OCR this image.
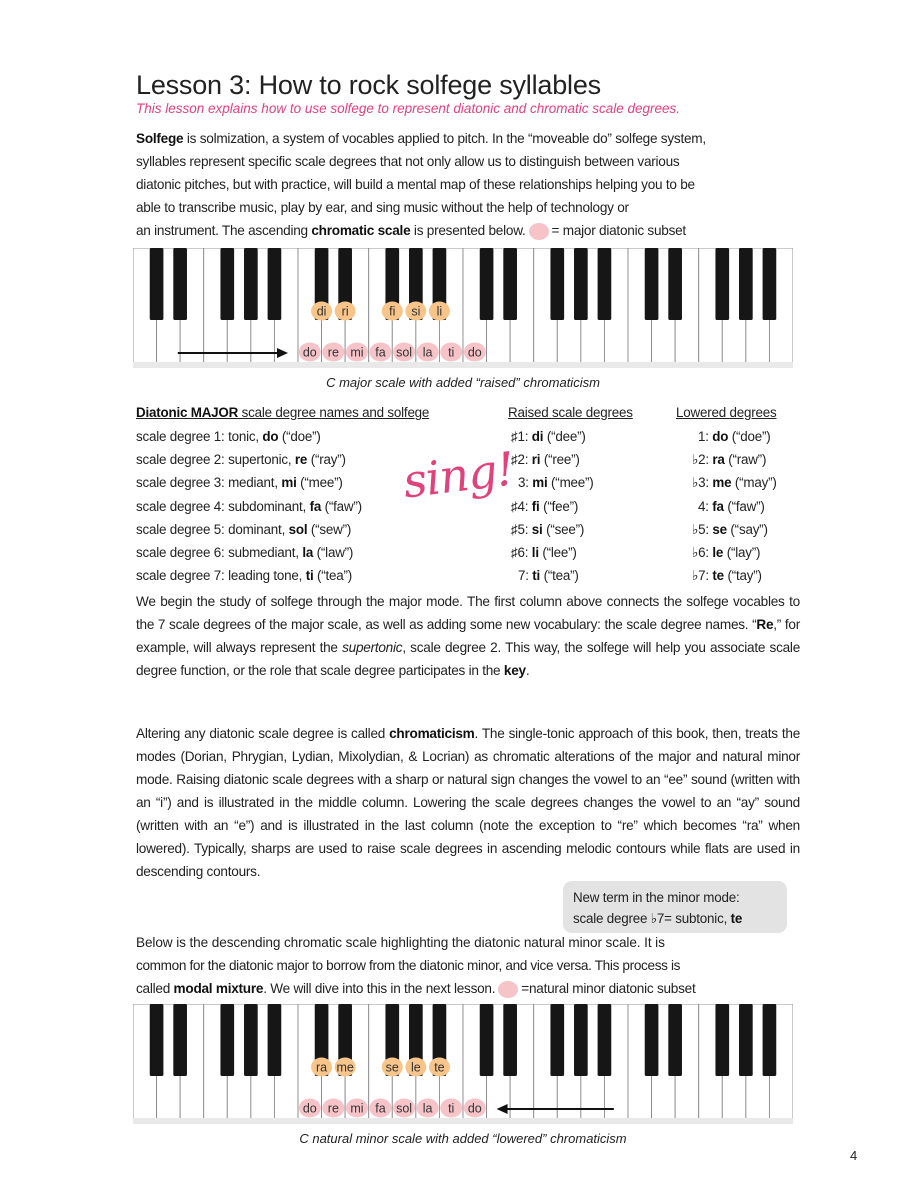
Lesson 3: How to rock solfege syllables
This lesson explains how to use solfege to represent diatonic and chromatic scale degrees.
Solfege is solmization, a system of vocables applied to pitch. In the “moveable do” solfege system,
syllables represent specific scale degrees that not only allow us to distinguish between various
diatonic pitches, but with practice, will build a mental map of these relationships helping you to be
able to transcribe music, play by ear, and sing music without the help of technology or
an instrument. The ascending chromatic scale is presented below. = major diatonic subset
do re mi fa sol la ti do
di ri	fi si li
C major scale with added “raised” chromaticism
Diatonic MAJOR scale degree names and solfege	Raised scale degrees	Lowered degrees
scale degree 1: tonic, do (“doe”)	♯1: di (“dee”)	1: do (“doe”)
scale degree 2: supertonic, re (“ray”)	♯2: ri (“ree”)	♭2: ra (“raw”)
scale degree 3: mediant, mi (“mee”)	3: mi (“mee”)	♭3: me (“may”)
scale degree 4: subdominant, fa (“faw”)	♯4: fi (“fee”)	4: fa (“faw”)
scale degree 5: dominant, sol (“sew”)	♯5: si (“see”)	♭5: se (“say”)
scale degree 6: submediant, la (“law”)	♯6: li (“lee”)	♭6: le (“lay”)
scale degree 7: leading tone, ti (“tea”)	7: ti (“tea”)	♭7: te (“tay”)
sing!
We begin the study of solfege through the major mode. The first column above connects the solfege vocables to the 7 scale degrees of the major scale, as well as adding some new vocabulary: the scale degree names. “Re,” for example, will always represent the supertonic, scale degree 2. This way, the solfege will help you associate scale degree function, or the role that scale degree participates in the key.
Altering any diatonic scale degree is called chromaticism. The single-tonic approach of this book, then, treats the modes (Dorian, Phrygian, Lydian, Mixolydian, & Locrian) as chromatic alterations of the major and natural minor mode. Raising diatonic scale degrees with a sharp or natural sign changes the vowel to an “ee” sound (written with an “i”) and is illustrated in the middle column. Lowering the scale degrees changes the vowel to an “ay” sound (written with an “e”) and is illustrated in the last column (note the exception to “re” which becomes “ra” when lowered). Typically, sharps are used to raise scale degrees in ascending melodic contours while flats are used in descending contours.
New term in the minor mode:
scale degree ♭7= subtonic, te
Below is the descending chromatic scale highlighting the diatonic natural minor scale. It is
common for the diatonic major to borrow from the diatonic minor, and vice versa. This process is
called modal mixture. We will dive into this in the next lesson. =natural minor diatonic subset
do re mi fa sol la ti do
ra me	se le te
C natural minor scale with added “lowered” chromaticism
4
